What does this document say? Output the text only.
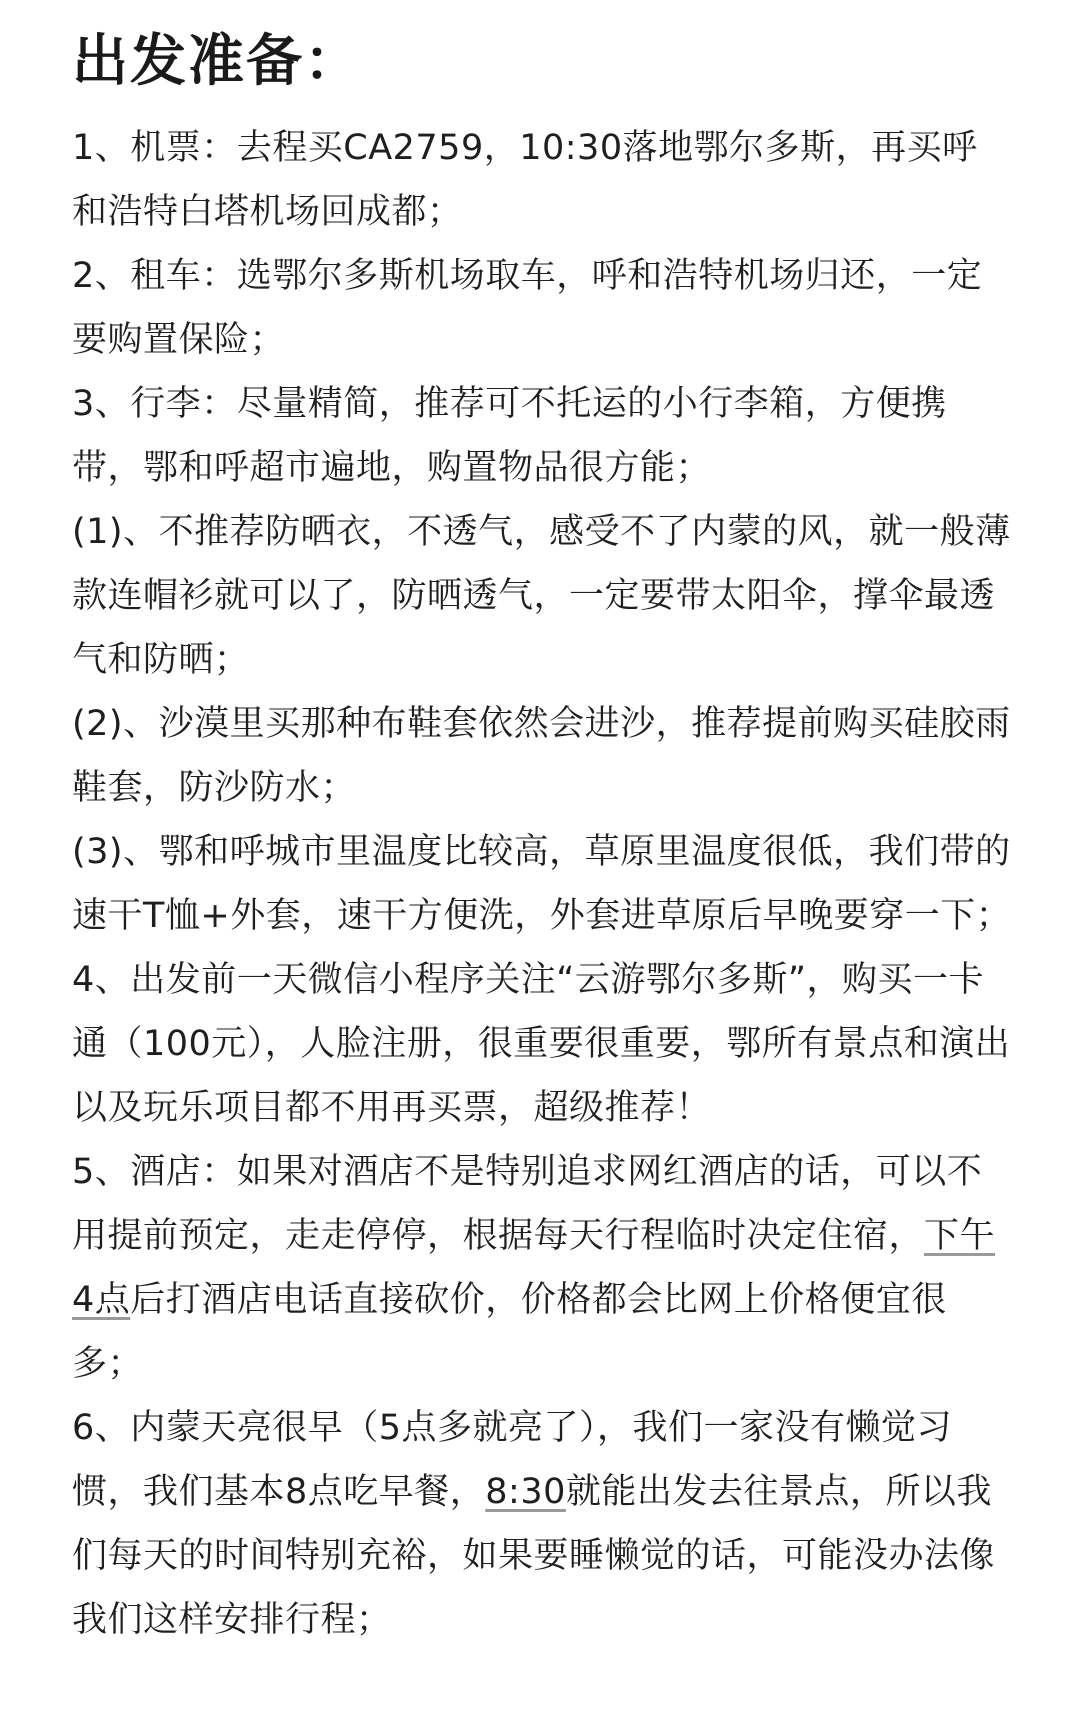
出发准备：

1、机票：去程买CA2759，10:30落地鄂尔多斯，再买呼和浩特白塔机场回成都；

2、租车：选鄂尔多斯机场取车，呼和浩特机场归还，一定要购置保险；

3、行李：尽量精简，推荐可不托运的小行李箱，方便携带，鄂和呼超市遍地，购置物品很方能；

(1)、不推荐防晒衣，不透气，感受不了内蒙的风，就一般薄款连帽衫就可以了，防晒透气，一定要带太阳伞，撑伞最透气和防晒；

(2)、沙漠里买那种布鞋套依然会进沙，推荐提前购买硅胶雨鞋套，防沙防水；

(3)、鄂和呼城市里温度比较高，草原里温度很低，我们带的速干T恤+外套，速干方便洗，外套进草原后早晚要穿一下；

4、出发前一天微信小程序关注“云游鄂尔多斯”，购买一卡通（100元），人脸注册，很重要很重要，鄂所有景点和演出以及玩乐项目都不用再买票，超级推荐！

5、酒店：如果对酒店不是特别追求网红酒店的话，可以不用提前预定，走走停停，根据每天行程临时决定住宿，下午4点后打酒店电话直接砍价，价格都会比网上价格便宜很多；

6、内蒙天亮很早（5点多就亮了），我们一家没有懒觉习惯，我们基本8点吃早餐，8:30就能出发去往景点，所以我们每天的时间特别充裕，如果要睡懒觉的话，可能没办法像我们这样安排行程；
